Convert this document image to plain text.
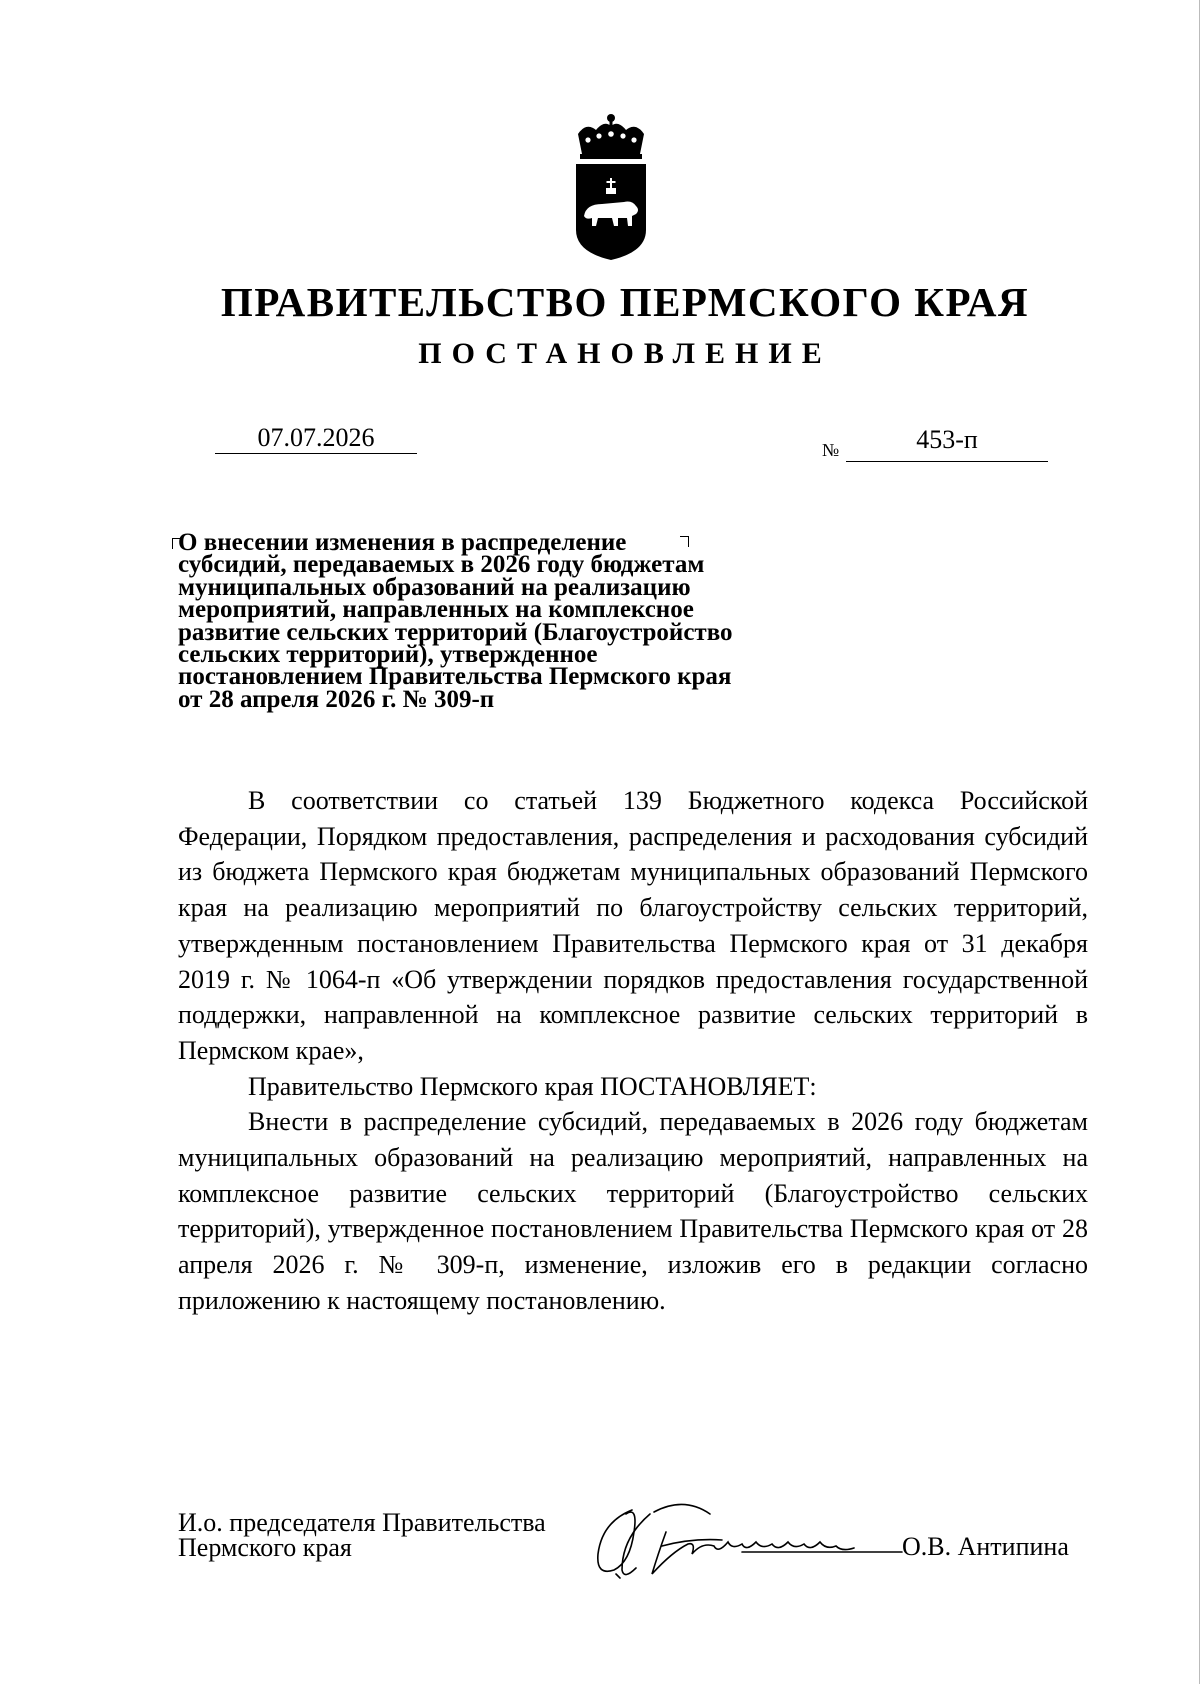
ПРАВИТЕЛЬСТВО ПЕРМСКОГО КРАЯ
ПОСТАНОВЛЕНИЕ
07.07.2026	№	453-п
О внесении изменения в распределение
субсидий, передаваемых в 2026 году бюджетам
муниципальных образований на реализацию
мероприятий, направленных на комплексное
развитие сельских территорий (Благоустройство
сельских территорий), утвержденное
постановлением Правительства Пермского края
от 28 апреля 2026 г. № 309-п

В соответствии со статьей 139 Бюджетного кодекса Российской Федерации, Порядком предоставления, распределения и расходования субсидий из бюджета Пермского края бюджетам муниципальных образований Пермского края на реализацию мероприятий по благоустройству сельских территорий, утвержденным постановлением Правительства Пермского края от 31 декабря 2019 г. № 1064-п «Об утверждении порядков предоставления государственной поддержки, направленной на комплексное развитие сельских территорий в Пермском крае»,

Правительство Пермского края ПОСТАНОВЛЯЕТ:

Внести в распределение субсидий, передаваемых в 2026 году бюджетам муниципальных образований на реализацию мероприятий, направленных на комплексное развитие сельских территорий (Благоустройство сельских территорий), утвержденное постановлением Правительства Пермского края от 28 апреля 2026 г. № 309-п, изменение, изложив его в редакции согласно приложению к настоящему постановлению.

И.о. председателя Правительства
Пермского края	О.В. Антипина
